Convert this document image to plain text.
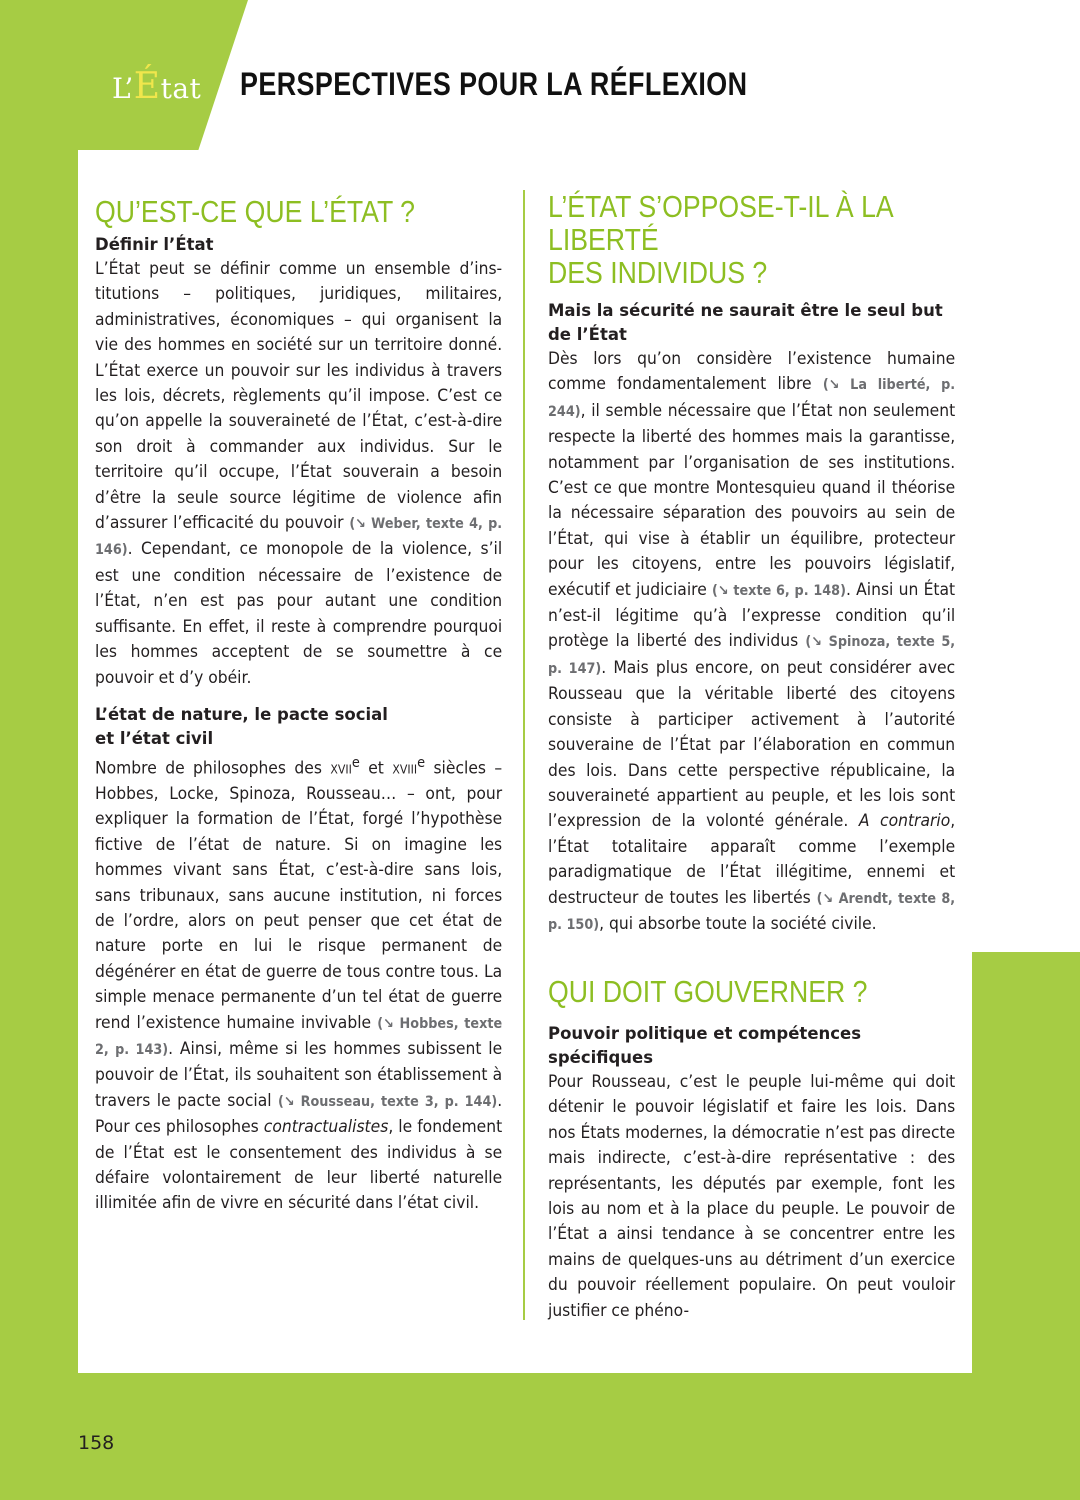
L’État PERSPECTIVES POUR LA RÉFLEXION
QU’EST-CE QUE L’ÉTAT ?
Définir l’État

L’État peut se définir comme un ensemble d’institutions – politiques, juridiques, militaires, administratives, économiques – qui organisent la vie des hommes en société sur un territoire donné. L’État exerce un pouvoir sur les individus à travers les lois, décrets, règlements qu’il impose. C’est ce qu’on appelle la souveraineté de l’État, c’est-à-dire son droit à commander aux individus. Sur le territoire qu’il occupe, l’État souverain a besoin d’être la seule source légitime de violence afin d’assurer l’efficacité du pouvoir (↘ Weber, texte 4, p. 146). Cependant, ce monopole de la violence, s’il est une condition nécessaire de l’existence de l’État, n’en est pas pour autant une condition suffisante. En effet, il reste à comprendre pourquoi les hommes acceptent de se soumettre à ce pouvoir et d’y obéir.

L’état de nature, le pacte social
et l’état civil

Nombre de philosophes des xvii$^e$ et xviii$^e$ siècles – Hobbes, Locke, Spinoza, Rousseau… – ont, pour expliquer la formation de l’État, forgé l’hypothèse fictive de l’état de nature. Si on imagine les hommes vivant sans État, c’est-à-dire sans lois, sans tribunaux, sans aucune institution, ni forces de l’ordre, alors on peut penser que cet état de nature porte en lui le risque permanent de dégénérer en état de guerre de tous contre tous. La simple menace permanente d’un tel état de guerre rend l’existence humaine invivable (↘ Hobbes, texte 2, p. 143). Ainsi, même si les hommes subissent le pouvoir de l’État, ils souhaitent son établissement à travers le pacte social (↘ Rousseau, texte 3, p. 144). Pour ces philosophes contractualistes, le fondement de l’État est le consentement des individus à se défaire volontairement de leur liberté naturelle illimitée afin de vivre en sécurité dans l’état civil.

L’ÉTAT S’OPPOSE-T-IL À LA LIBERTÉ
DES INDIVIDUS ?
Mais la sécurité ne saurait être le seul but
de l’État

Dès lors qu’on considère l’existence humaine comme fondamentalement libre (↘ La liberté, p. 244), il semble nécessaire que l’État non seulement respecte la liberté des hommes mais la garantisse, notamment par l’organisation de ses institutions. C’est ce que montre Montesquieu quand il théorise la nécessaire séparation des pouvoirs au sein de l’État, qui vise à établir un équilibre, protecteur pour les citoyens, entre les pouvoirs législatif, exécutif et judiciaire (↘ texte 6, p. 148). Ainsi un État n’est-il légitime qu’à l’expresse condition qu’il protège la liberté des individus (↘ Spinoza, texte 5, p. 147). Mais plus encore, on peut considérer avec Rousseau que la véritable liberté des citoyens consiste à participer activement à l’autorité souveraine de l’État par l’élaboration en commun des lois. Dans cette perspective républicaine, la souveraineté appartient au peuple, et les lois sont l’expression de la volonté générale. A contrario, l’État totalitaire apparaît comme l’exemple paradigmatique de l’État illégitime, ennemi et destructeur de toutes les libertés (↘ Arendt, texte 8, p. 150), qui absorbe toute la société civile.

QUI DOIT GOUVERNER ?
Pouvoir politique et compétences
spécifiques

Pour Rousseau, c’est le peuple lui-même qui doit détenir le pouvoir législatif et faire les lois. Dans nos États modernes, la démocratie n’est pas directe mais indirecte, c’est-à-dire représentative : des représentants, les députés par exemple, font les lois au nom et à la place du peuple. Le pouvoir de l’État a ainsi tendance à se concentrer entre les mains de quelques-uns au détriment d’un exercice du pouvoir réellement populaire. On peut vouloir justifier ce phéno-

158
